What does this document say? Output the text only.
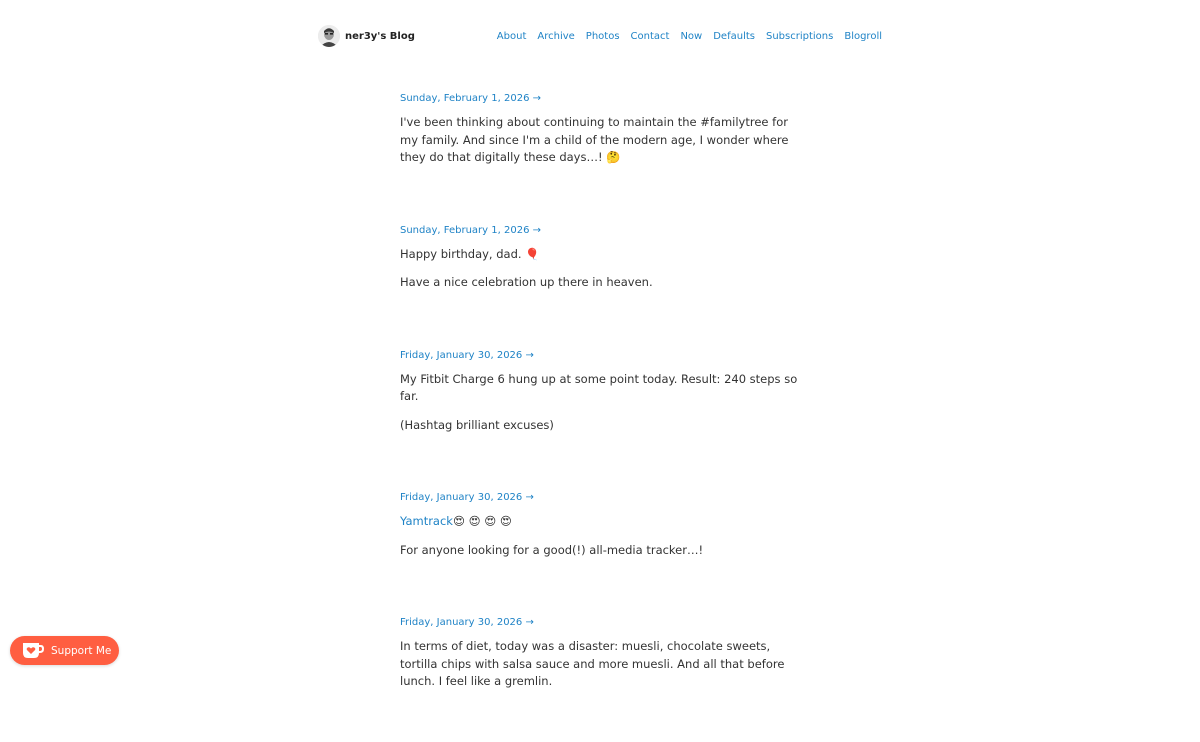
ner3y's Blog	About Archive Photos Contact Now Defaults Subscriptions Blogroll
Sunday, February 1, 2026 →

I've been thinking about continuing to maintain the #familytree for my family. And since I'm a child of the modern age, I wonder where they do that digitally these days…! 🤔

Sunday, February 1, 2026 →

Happy birthday, dad. 🎈

Have a nice celebration up there in heaven.

Friday, January 30, 2026 →

My Fitbit Charge 6 hung up at some point today. Result: 240 steps so far.

(Hashtag brilliant excuses)

Friday, January 30, 2026 →

Yamtrack😍 😍 😍 😍

For anyone looking for a good(!) all-media tracker…!

Friday, January 30, 2026 →

In terms of diet, today was a disaster: muesli, chocolate sweets, tortilla chips with salsa sauce and more muesli. And all that before lunch. I feel like a gremlin.

Support Me
